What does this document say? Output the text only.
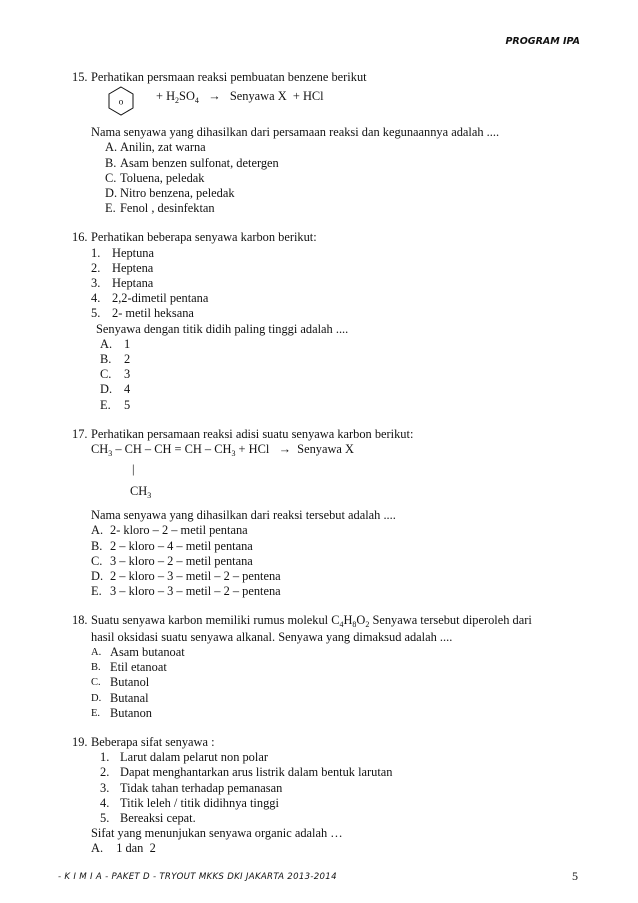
PROGRAM IPA
15. Perhatikan persmaan reaksi pembuatan benzene berikut
o	+ $H_2SO_4$ → Senyawa X + HCl
Nama senyawa yang dihasilkan dari persamaan reaksi dan kegunaannya adalah ....
A. Anilin, zat warna
B. Asam benzen sulfonat, detergen
C. Toluena, peledak
D. Nitro benzena, peledak
E. Fenol , desinfektan
16. Perhatikan beberapa senyawa karbon berikut:
1. Heptuna
2. Heptena
3. Heptana
4. 2,2-dimetil pentana
5. 2- metil heksana
Senyawa dengan titik didih paling tinggi adalah ....
A. 1
B. 2
C. 3
D. 4
E. 5
17. Perhatikan persamaan reaksi adisi suatu senyawa karbon berikut:
$CH_3$ – CH – CH = CH – $CH_3$ + HCl → Senyawa X
|
$CH_3$
Nama senyawa yang dihasilkan dari reaksi tersebut adalah ....
A. 2- kloro – 2 – metil pentana
B. 2 – kloro – 4 – metil pentana
C. 3 – kloro – 2 – metil pentana
D. 2 – kloro – 3 – metil – 2 – pentena
E. 3 – kloro – 3 – metil – 2 – pentena
18. Suatu senyawa karbon memiliki rumus molekul $C_4H_8O_2$ Senyawa tersebut diperoleh dari
hasil oksidasi suatu senyawa alkanal. Senyawa yang dimaksud adalah ....
A. Asam butanoat
B. Etil etanoat
C. Butanol
D. Butanal
E. Butanon
19. Beberapa sifat senyawa :
1. Larut dalam pelarut non polar
2. Dapat menghantarkan arus listrik dalam bentuk larutan
3. Tidak tahan terhadap pemanasan
4. Titik leleh / titik didihnya tinggi
5. Bereaksi cepat.
Sifat yang menunjukan senyawa organic adalah …
A. 1 dan  2
- K I M I A - PAKET D - TRYOUT MKKS DKI JAKARTA 2013-2014	5
